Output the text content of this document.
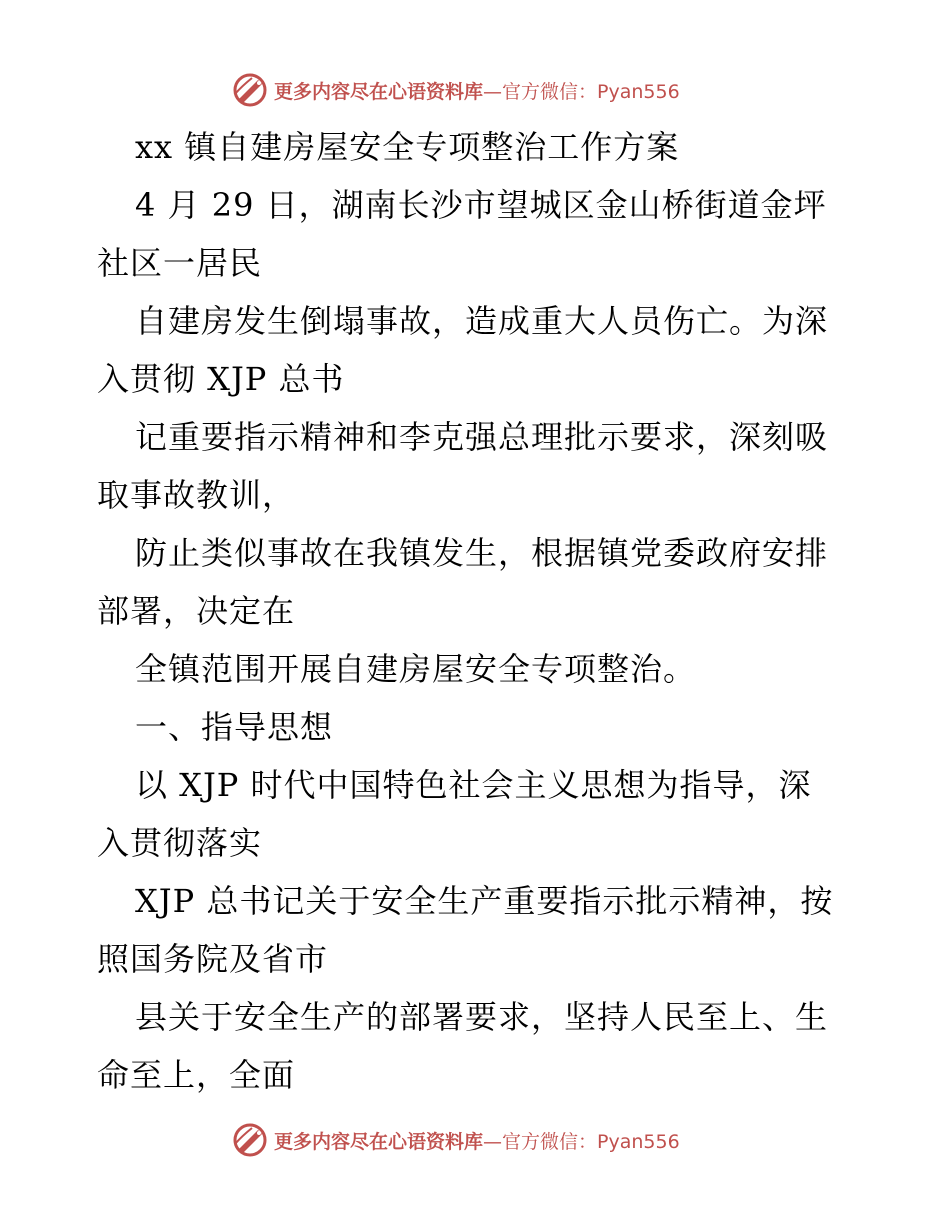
更多内容尽在心语资料库 —官方微信：Pyan556
xx 镇自建房屋安全专项整治工作方案
4 月 29 日，湖南长沙市望城区金山桥街道金坪
社区一居民
自建房发生倒塌事故，造成重大人员伤亡。为深
入贯彻 XJP 总书
记重要指示精神和李克强总理批示要求，深刻吸
取事故教训，
防止类似事故在我镇发生，根据镇党委政府安排
部署，决定在
全镇范围开展自建房屋安全专项整治。
一、指导思想
以 XJP 时代中国特色社会主义思想为指导，深
入贯彻落实
XJP 总书记关于安全生产重要指示批示精神，按
照国务院及省市
县关于安全生产的部署要求，坚持人民至上、生
命至上，全面
更多内容尽在心语资料库 —官方微信：Pyan556
